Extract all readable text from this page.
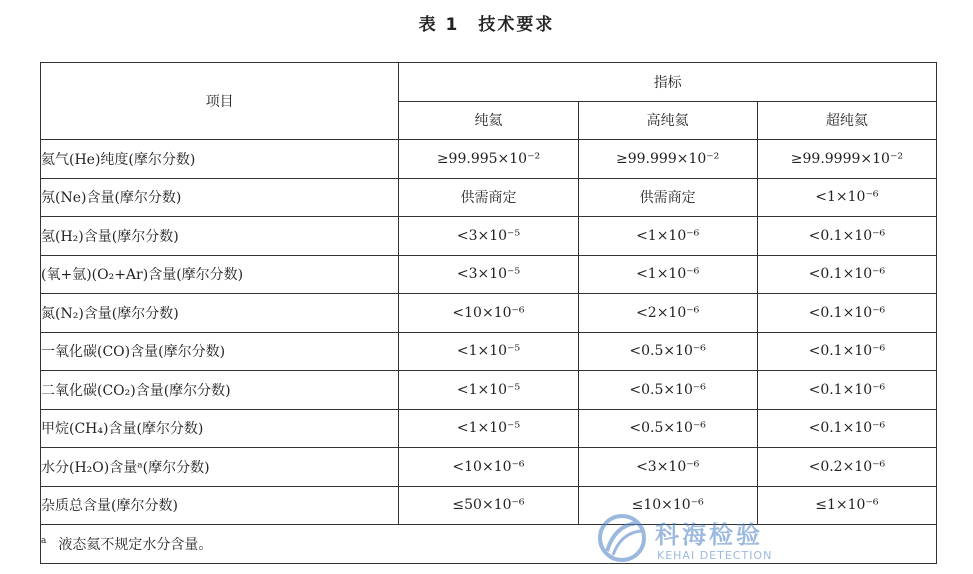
表 1　技术要求
项目	指标		
	纯氦	高纯氦	超纯氦
氦气(He)纯度(摩尔分数)	≥99.995×10⁻²	≥99.999×10⁻²	≥99.9999×10⁻²
氖(Ne)含量(摩尔分数)	供需商定	供需商定	<1×10⁻⁶
氢(H₂)含量(摩尔分数)	<3×10⁻⁵	<1×10⁻⁶	<0.1×10⁻⁶
(氧+氩)(O₂+Ar)含量(摩尔分数)	<3×10⁻⁵	<1×10⁻⁶	<0.1×10⁻⁶
氮(N₂)含量(摩尔分数)	<10×10⁻⁶	<2×10⁻⁶	<0.1×10⁻⁶
一氧化碳(CO)含量(摩尔分数)	<1×10⁻⁵	<0.5×10⁻⁶	<0.1×10⁻⁶
二氧化碳(CO₂)含量(摩尔分数)	<1×10⁻⁵	<0.5×10⁻⁶	<0.1×10⁻⁶
甲烷(CH₄)含量(摩尔分数)	<1×10⁻⁵	<0.5×10⁻⁶	<0.1×10⁻⁶
水分(H₂O)含量ᵃ(摩尔分数)	<10×10⁻⁶	<3×10⁻⁶	<0.2×10⁻⁶
杂质总含量(摩尔分数)	≤50×10⁻⁶	≤10×10⁻⁶	≤1×10⁻⁶
$^a$ 液态氦不规定水分含量。				科海检验
KEHAI DETECTION
